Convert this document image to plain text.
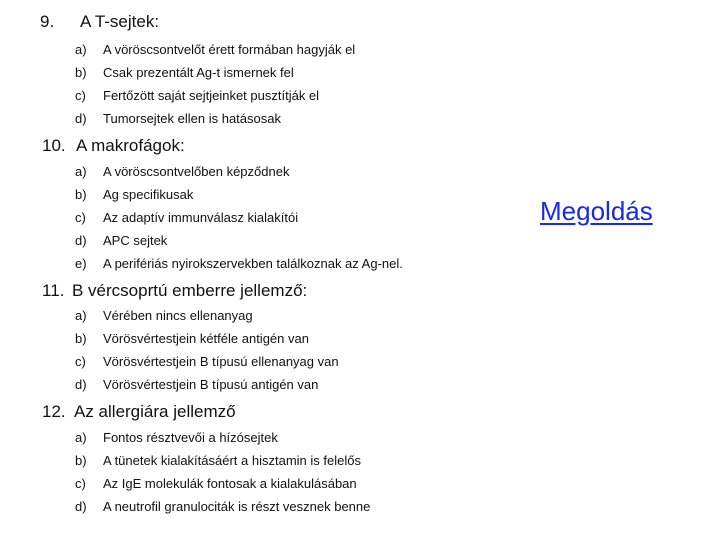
9. A T-sejtek:
a) A vöröscsontvelőt érett formában hagyják el
b) Csak prezentált Ag-t ismernek fel
c) Fertőzött saját sejtjeinket pusztítják el
d) Tumorsejtek ellen is hatásosak
10. A makrofágok:
a) A vöröscsontvelőben képződnek
b) Ag specifikusak
c) Az adaptív immunválasz kialakítói
d) APC sejtek
e) A perifériás nyirokszervekben találkoznak az Ag-nel.
11. B vércsoprtú emberre jellemző:
a) Vérében nincs ellenanyag
b) Vörösvértestjein kétféle antigén van
c) Vörösvértestjein B típusú ellenanyag van
d) Vörösvértestjein B típusú antigén van
12. Az allergiára jellemző
a) Fontos résztvevői a hízósejtek
b) A tünetek kialakításáért a hisztamin is felelős
c) Az IgE molekulák fontosak a kialakulásában
d) A neutrofil granulociták is részt vesznek benne
Megoldás
